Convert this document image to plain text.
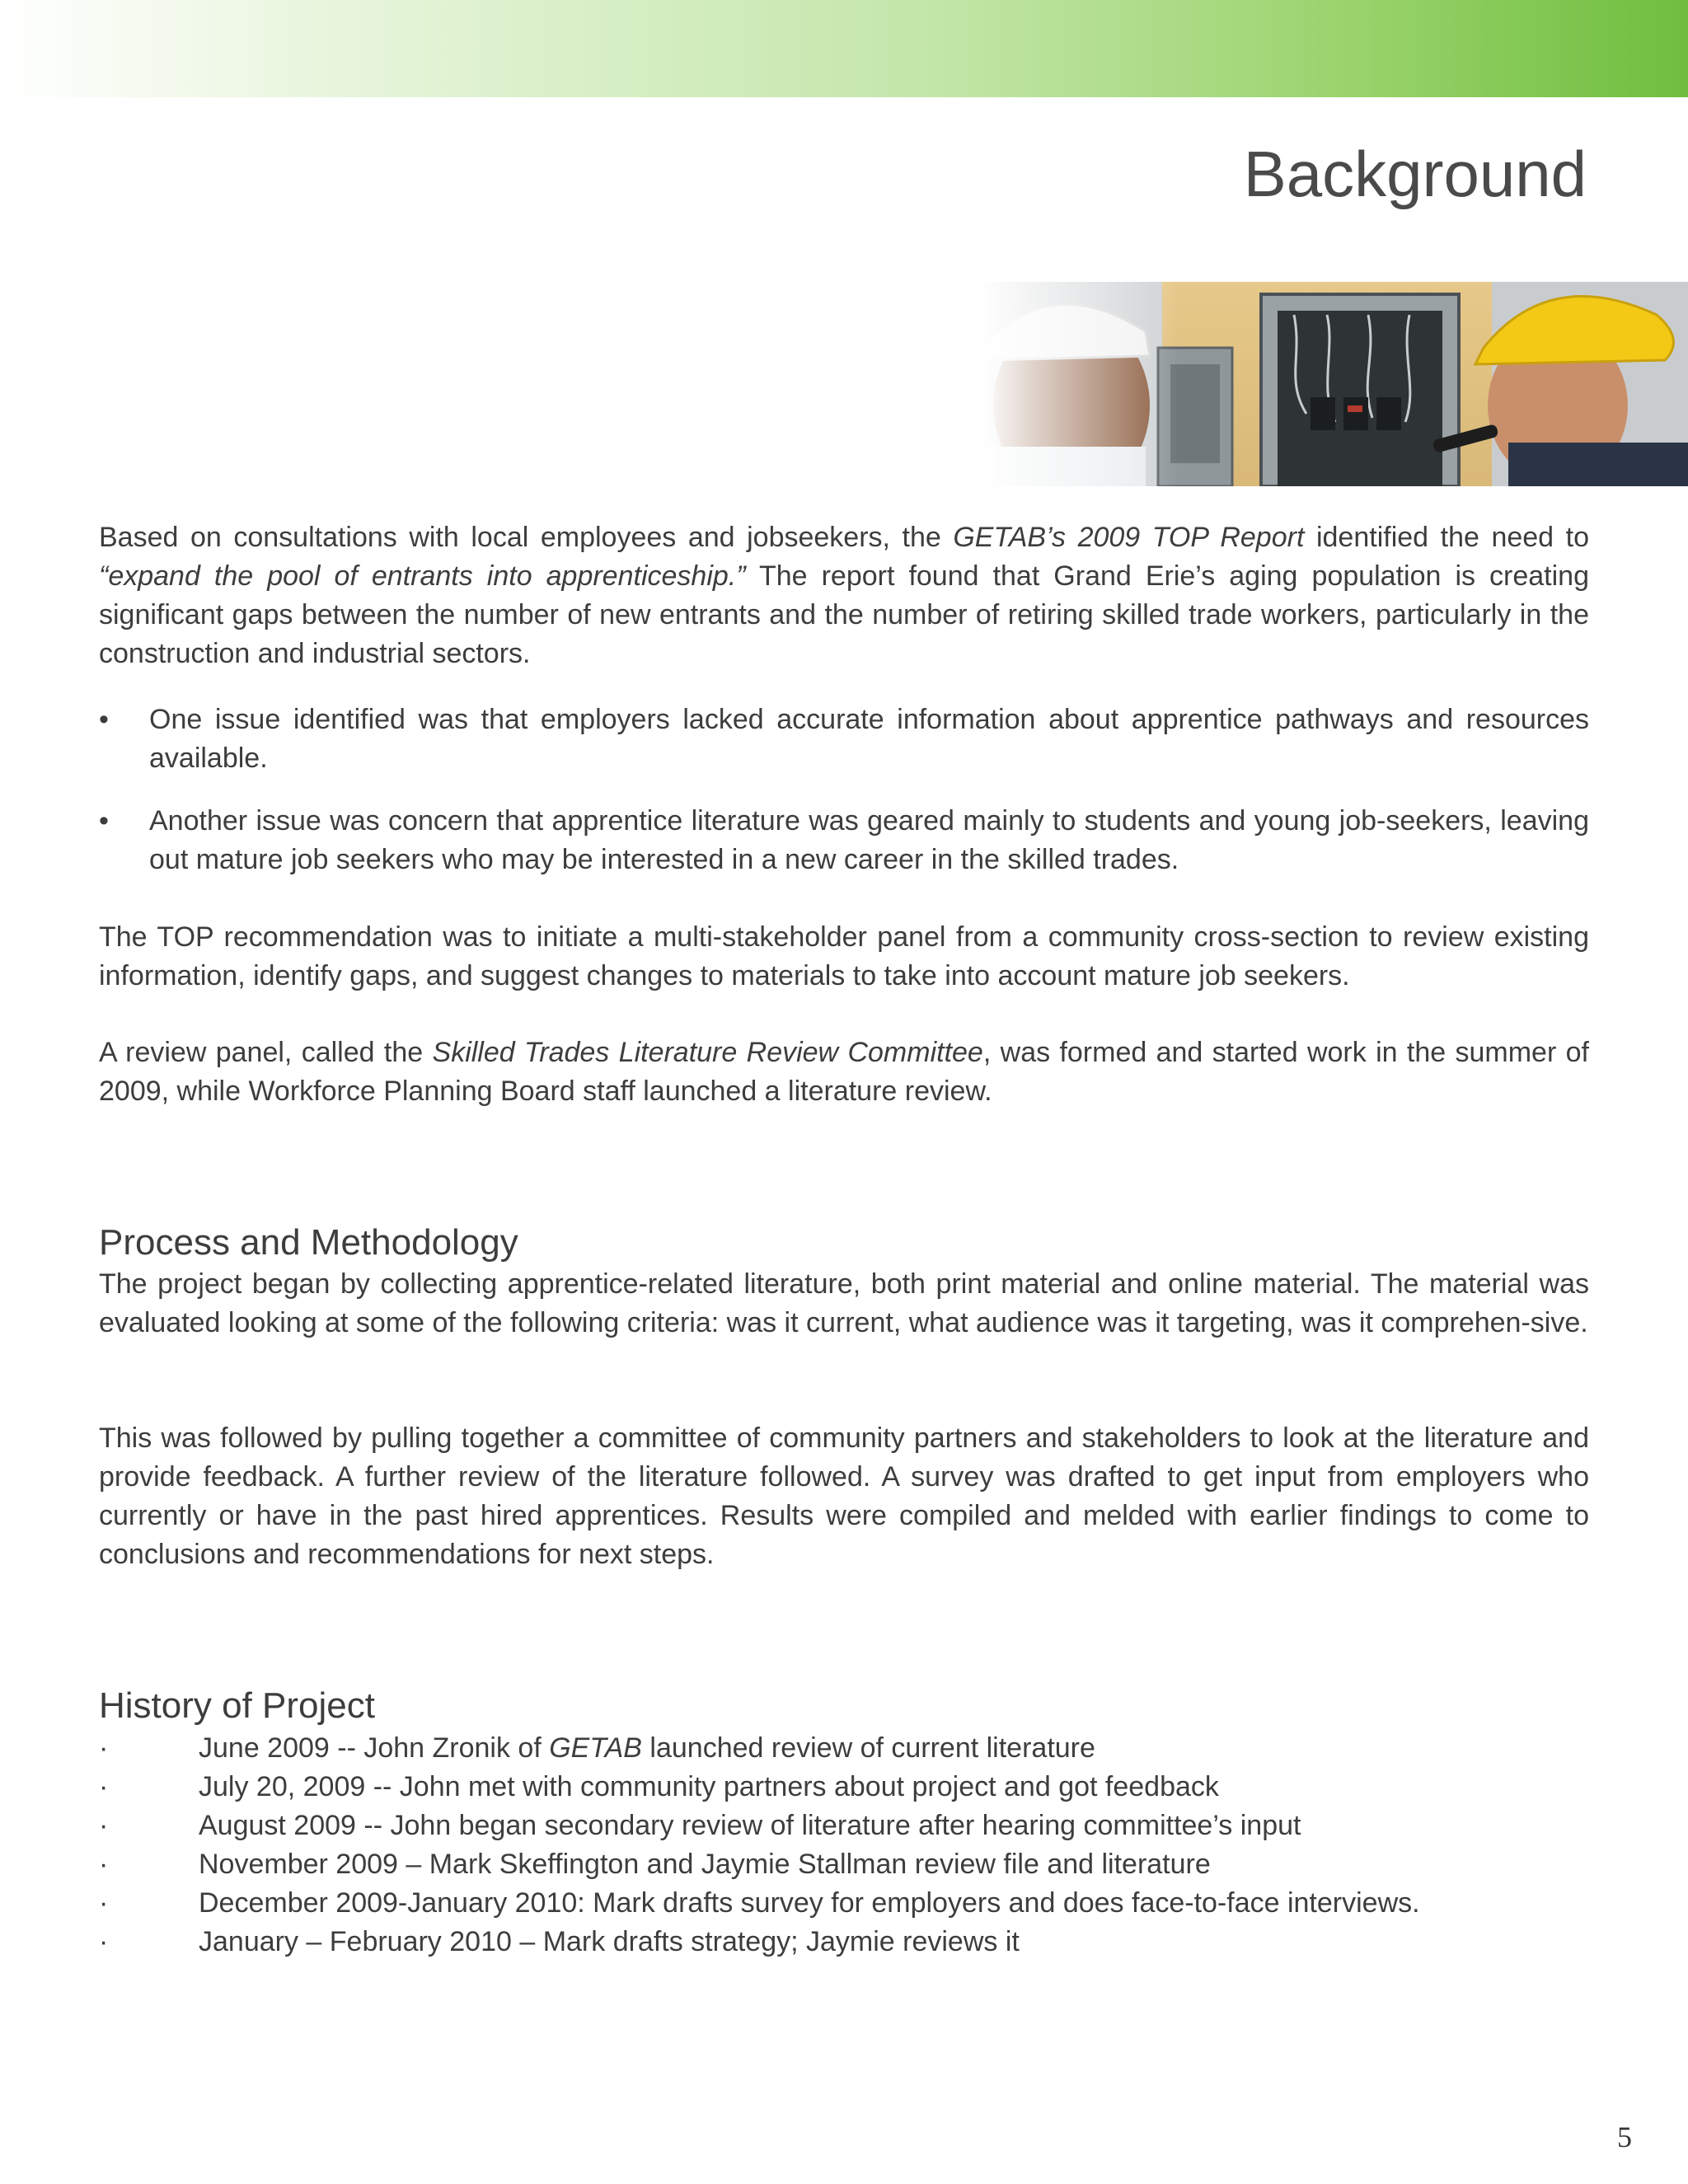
Background

Based on consultations with local employees and jobseekers, the GETAB’s 2009 TOP Report identified the need to “expand the pool of entrants into apprenticeship.” The report found that Grand Erie’s aging population is creating significant gaps between the number of new entrants and the number of retiring skilled trade workers, particularly in the construction and industrial sectors.

• One issue identified was that employers lacked accurate information about apprentice pathways and resources available.
• Another issue was concern that apprentice literature was geared mainly to students and young job-seekers, leaving out mature job seekers who may be interested in a new career in the skilled trades.

The TOP recommendation was to initiate a multi-stakeholder panel from a community cross-section to review existing information, identify gaps, and suggest changes to materials to take into account mature job seekers.

A review panel, called the Skilled Trades Literature Review Committee, was formed and started work in the summer of 2009, while Workforce Planning Board staff launched a literature review.

Process and Methodology

The project began by collecting apprentice-related literature, both print material and online material. The material was evaluated looking at some of the following criteria: was it current, what audience was it targeting, was it comprehen-sive.

This was followed by pulling together a committee of community partners and stakeholders to look at the literature and provide feedback. A further review of the literature followed. A survey was drafted to get input from employers who currently or have in the past hired apprentices. Results were compiled and melded with earlier findings to come to conclusions and recommendations for next steps.

History of Project
·	June 2009 -- John Zronik of GETAB launched review of current literature
·	July 20, 2009 -- John met with community partners about project and got feedback
·	August 2009 -- John began secondary review of literature after hearing committee’s input
·	November 2009 – Mark Skeffington and Jaymie Stallman review file and literature
·	December 2009-January 2010: Mark drafts survey for employers and does face-to-face interviews.
·	January – February 2010 – Mark drafts strategy; Jaymie reviews it
5
